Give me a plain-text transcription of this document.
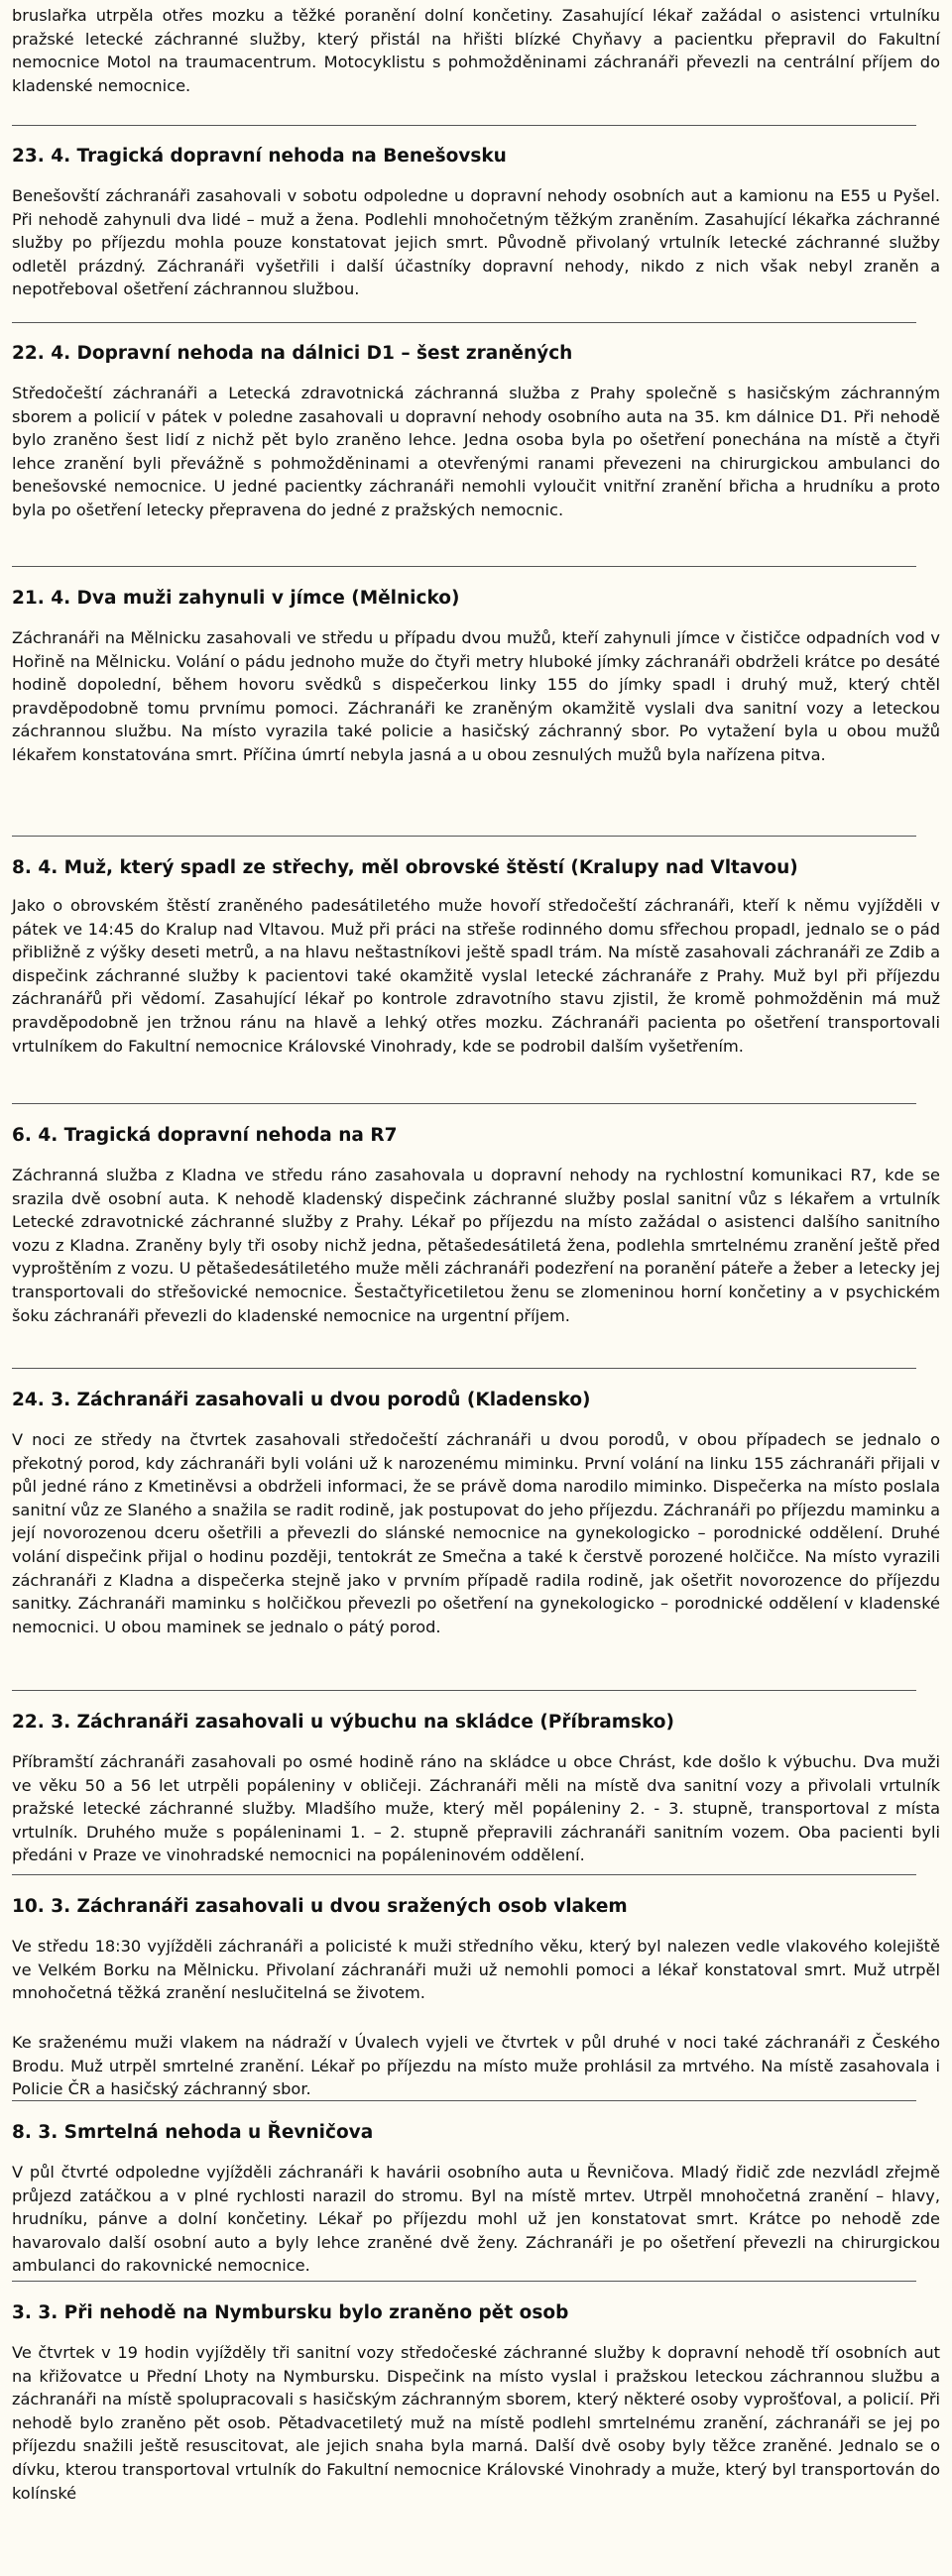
bruslařka utrpěla otřes mozku a těžké poranění dolní končetiny. Zasahující lékař zažádal o asistenci vrtulníku pražské letecké záchranné služby, který přistál na hřišti blízké Chyňavy a pacientku přepravil do Fakultní nemocnice Motol na traumacentrum. Motocyklistu s pohmožděninami záchranáři převezli na centrální příjem do kladenské nemocnice.

23. 4. Tragická dopravní nehoda na Benešovsku

Benešovští záchranáři zasahovali v sobotu odpoledne u dopravní nehody osobních aut a kamionu na E55 u Pyšel. Při nehodě zahynuli dva lidé – muž a žena. Podlehli mnohočetným těžkým zraněním. Zasahující lékařka záchranné služby po příjezdu mohla pouze konstatovat jejich smrt. Původně přivolaný vrtulník letecké záchranné služby odletěl prázdný. Záchranáři vyšetřili i další účastníky dopravní nehody, nikdo z nich však nebyl zraněn a nepotřeboval ošetření záchrannou službou.

22. 4. Dopravní nehoda na dálnici D1 – šest zraněných

Středočeští záchranáři a Letecká zdravotnická záchranná služba z Prahy společně s hasičským záchranným sborem a policií v pátek v poledne zasahovali u dopravní nehody osobního auta na 35. km dálnice D1. Při nehodě bylo zraněno šest lidí z nichž pět bylo zraněno lehce. Jedna osoba byla po ošetření ponechána na místě a čtyři lehce zranění byli převážně s pohmožděninami a otevřenými ranami převezeni na chirurgickou ambulanci do benešovské nemocnice. U jedné pacientky záchranáři nemohli vyloučit vnitřní zranění břicha a hrudníku a proto byla po ošetření letecky přepravena do jedné z pražských nemocnic.

21. 4. Dva muži zahynuli v jímce (Mělnicko)

Záchranáři na Mělnicku zasahovali ve středu u případu dvou mužů, kteří zahynuli jímce v čističce odpadních vod v Hořině na Mělnicku. Volání o pádu jednoho muže do čtyři metry hluboké jímky záchranáři obdrželi krátce po desáté hodině dopolední, během hovoru svědků s dispečerkou linky 155 do jímky spadl i druhý muž, který chtěl pravděpodobně tomu prvnímu pomoci. Záchranáři ke zraněným okamžitě vyslali dva sanitní vozy a leteckou záchrannou službu. Na místo vyrazila také policie a hasičský záchranný sbor. Po vytažení byla u obou mužů lékařem konstatována smrt. Příčina úmrtí nebyla jasná a u obou zesnulých mužů byla nařízena pitva.

8. 4. Muž, který spadl ze střechy, měl obrovské štěstí (Kralupy nad Vltavou)

Jako o obrovském štěstí zraněného padesátiletého muže hovoří středočeští záchranáři, kteří k němu vyjížděli v pátek ve 14:45 do Kralup nad Vltavou. Muž při práci na střeše rodinného domu sfřechou propadl, jednalo se o pád přibližně z výšky deseti metrů, a na hlavu neštastníkovi ještě spadl trám. Na místě zasahovali záchranáři ze Zdib a dispečink záchranné služby k pacientovi také okamžitě vyslal letecké záchranáře z Prahy. Muž byl při příjezdu záchranářů při vědomí. Zasahující lékař po kontrole zdravotního stavu zjistil, že kromě pohmožděnin má muž pravděpodobně jen tržnou ránu na hlavě a lehký otřes mozku. Záchranáři pacienta po ošetření transportovali vrtulníkem do Fakultní nemocnice Královské Vinohrady, kde se podrobil dalším vyšetřením.

6. 4. Tragická dopravní nehoda na R7

Záchranná služba z Kladna ve středu ráno zasahovala u dopravní nehody na rychlostní komunikaci R7, kde se srazila dvě osobní auta. K nehodě kladenský dispečink záchranné služby poslal sanitní vůz s lékařem a vrtulník Letecké zdravotnické záchranné služby z Prahy. Lékař po příjezdu na místo zažádal o asistenci dalšího sanitního vozu z Kladna. Zraněny byly tři osoby nichž jedna, pětašedesátiletá žena, podlehla smrtelnému zranění ještě před vyproštěním z vozu. U pětašedesátiletého muže měli záchranáři podezření na poranění páteře a žeber a letecky jej transportovali do střešovické nemocnice. Šestačtyřicetiletou ženu se zlomeninou horní končetiny a v psychickém šoku záchranáři převezli do kladenské nemocnice na urgentní příjem.

24. 3. Záchranáři zasahovali u dvou porodů (Kladensko)

V noci ze středy na čtvrtek zasahovali středočeští záchranáři u dvou porodů, v obou případech se jednalo o překotný porod, kdy záchranáři byli voláni už k narozenému miminku. První volání na linku 155 záchranáři přijali v půl jedné ráno z Kmetiněvsi a obdrželi informaci, že se právě doma narodilo miminko. Dispečerka na místo poslala sanitní vůz ze Slaného a snažila se radit rodině, jak postupovat do jeho příjezdu. Záchranáři po příjezdu maminku a její novorozenou dceru ošetřili a převezli do slánské nemocnice na gynekologicko – porodnické oddělení. Druhé volání dispečink přijal o hodinu později, tentokrát ze Smečna a také k čerstvě porozené holčičce. Na místo vyrazili záchranáři z Kladna a dispečerka stejně jako v prvním případě radila rodině, jak ošetřit novorozence do příjezdu sanitky. Záchranáři maminku s holčičkou převezli po ošetření na gynekologicko – porodnické oddělení v kladenské nemocnici. U obou maminek se jednalo o pátý porod.

22. 3. Záchranáři zasahovali u výbuchu na skládce (Příbramsko)

Příbramští záchranáři zasahovali po osmé hodině ráno na skládce u obce Chrást, kde došlo k výbuchu. Dva muži ve věku 50 a 56 let utrpěli popáleniny v obličeji. Záchranáři měli na místě dva sanitní vozy a přivolali vrtulník pražské letecké záchranné služby. Mladšího muže, který měl popáleniny 2. - 3. stupně, transportoval z místa vrtulník. Druhého muže s popáleninami 1. – 2. stupně přepravili záchranáři sanitním vozem. Oba pacienti byli předáni v Praze ve vinohradské nemocnici na popáleninovém oddělení.

10. 3. Záchranáři zasahovali u dvou sražených osob vlakem

Ve středu 18:30 vyjížděli záchranáři a policisté k muži středního věku, který byl nalezen vedle vlakového kolejiště ve Velkém Borku na Mělnicku. Přivolaní záchranáři muži už nemohli pomoci a lékař konstatoval smrt. Muž utrpěl mnohočetná těžká zranění neslučitelná se životem.

Ke sraženému muži vlakem na nádraží v Úvalech vyjeli ve čtvrtek v půl druhé v noci také záchranáři z Českého Brodu. Muž utrpěl smrtelné zranění. Lékař po příjezdu na místo muže prohlásil za mrtvého. Na místě zasahovala i Policie ČR a hasičský záchranný sbor.

8. 3. Smrtelná nehoda u Řevničova

V půl čtvrté odpoledne vyjížděli záchranáři k havárii osobního auta u Řevničova. Mladý řidič zde nezvládl zřejmě průjezd zatáčkou a v plné rychlosti narazil do stromu. Byl na místě mrtev. Utrpěl mnohočetná zranění – hlavy, hrudníku, pánve a dolní končetiny. Lékař po příjezdu mohl už jen konstatovat smrt. Krátce po nehodě zde havarovalo další osobní auto a byly lehce zraněné dvě ženy. Záchranáři je po ošetření převezli na chirurgickou ambulanci do rakovnické nemocnice.

3. 3. Při nehodě na Nymbursku bylo zraněno pět osob

Ve čtvrtek v 19 hodin vyjížděly tři sanitní vozy středočeské záchranné služby k dopravní nehodě tří osobních aut na křižovatce u Přední Lhoty na Nymbursku. Dispečink na místo vyslal i pražskou leteckou záchrannou službu a záchranáři na místě spolupracovali s hasičským záchranným sborem, který některé osoby vyprošťoval, a policií. Při nehodě bylo zraněno pět osob. Pětadvacetiletý muž na místě podlehl smrtelnému zranění, záchranáři se jej po příjezdu snažili ještě resuscitovat, ale jejich snaha byla marná. Další dvě osoby byly těžce zraněné. Jednalo se o dívku, kterou transportoval vrtulník do Fakultní nemocnice Královské Vinohrady a muže, který byl transportován do kolínské
